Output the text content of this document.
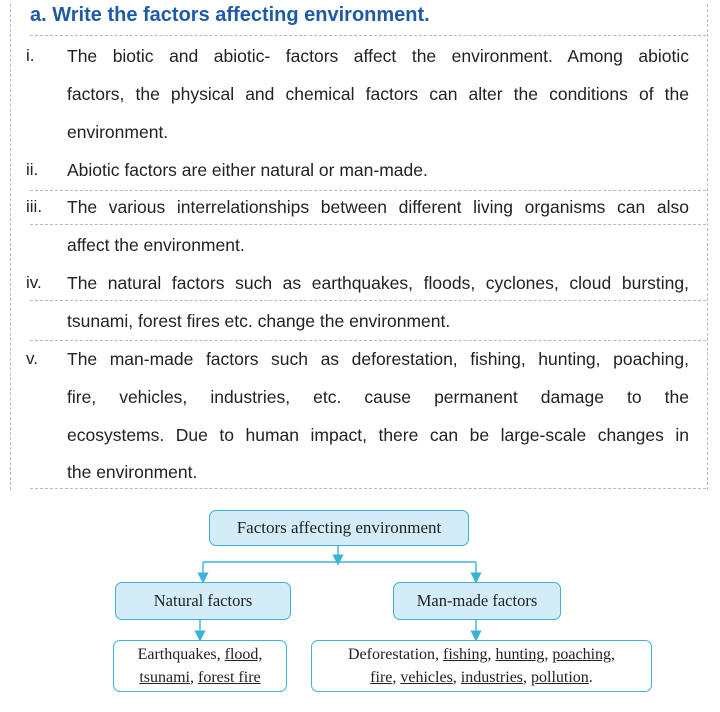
a. Write the factors affecting environment.
i. The biotic and abiotic- factors affect the environment. Among abiotic
factors, the physical and chemical factors can alter the conditions of the
environment.
ii. Abiotic factors are either natural or man-made.
iii. The various interrelationships between different living organisms can also
affect the environment.
iv. The natural factors such as earthquakes, floods, cyclones, cloud bursting,
tsunami, forest fires etc. change the environment.
v. The man-made factors such as deforestation, fishing, hunting, poaching,
fire, vehicles, industries, etc. cause permanent damage to the
ecosystems. Due to human impact, there can be large-scale changes in
the environment.
Factors affecting environment
Natural factors	Man-made factors
Earthquakes, flood,
tsunami, forest fire
Deforestation, fishing, hunting, poaching,
fire, vehicles, industries, pollution.
